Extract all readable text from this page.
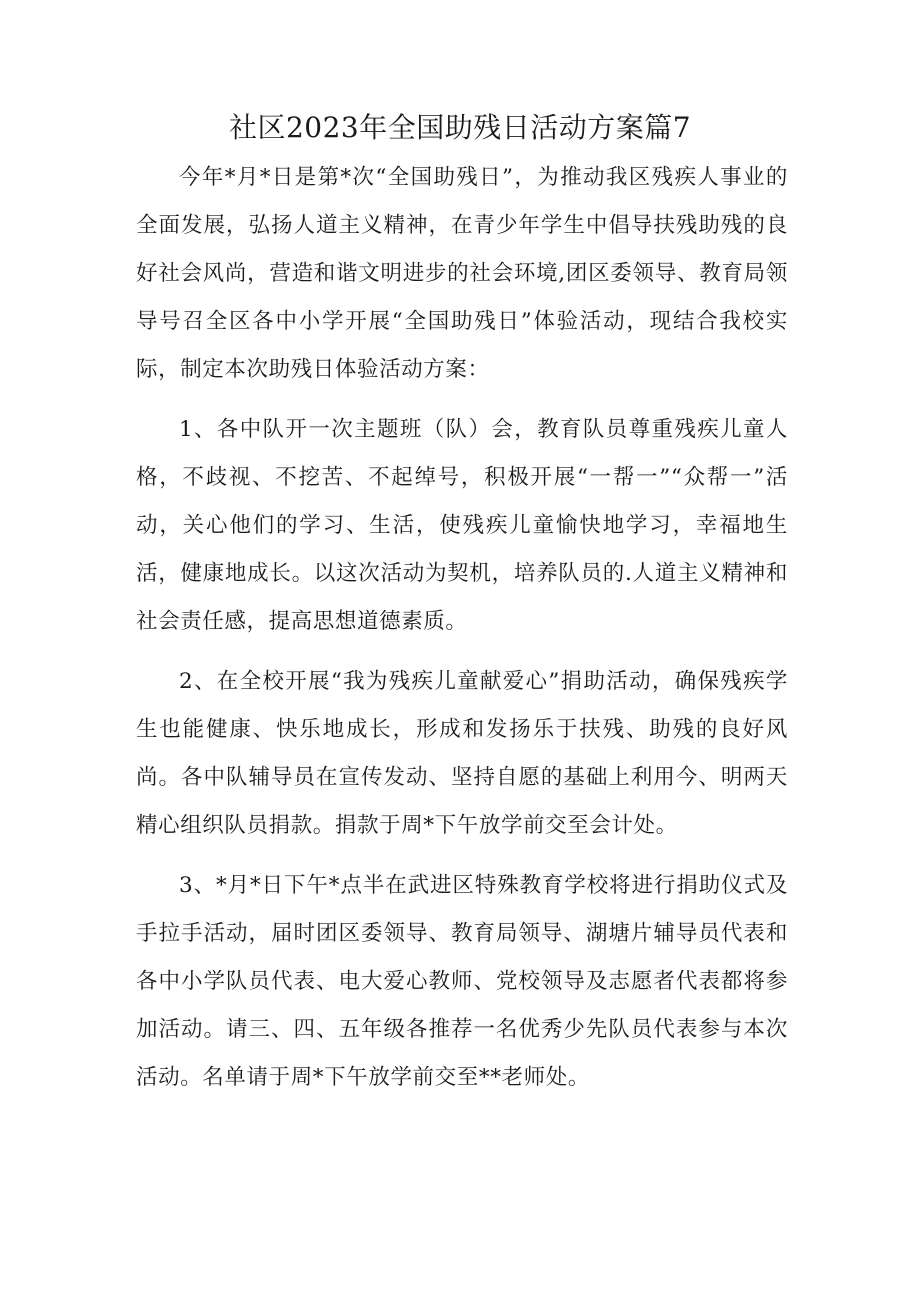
社区2023年全国助残日活动方案篇7

今年*月*日是第*次“全国助残日”，为推动我区残疾人事业的全面发展，弘扬人道主义精神，在青少年学生中倡导扶残助残的良好社会风尚，营造和谐文明进步的社会环境,团区委领导、教育局领导号召全区各中小学开展“全国助残日”体验活动，现结合我校实际，制定本次助残日体验活动方案：

1、各中队开一次主题班（队）会，教育队员尊重残疾儿童人格，不歧视、不挖苦、不起绰号，积极开展“一帮一”“众帮一”活动，关心他们的学习、生活，使残疾儿童愉快地学习，幸福地生活，健康地成长。以这次活动为契机，培养队员的.人道主义精神和社会责任感，提高思想道德素质。

2、在全校开展“我为残疾儿童献爱心”捐助活动，确保残疾学生也能健康、快乐地成长，形成和发扬乐于扶残、助残的良好风尚。各中队辅导员在宣传发动、坚持自愿的基础上利用今、明两天精心组织队员捐款。捐款于周*下午放学前交至会计处。

3、*月*日下午*点半在武进区特殊教育学校将进行捐助仪式及手拉手活动，届时团区委领导、教育局领导、湖塘片辅导员代表和各中小学队员代表、电大爱心教师、党校领导及志愿者代表都将参加活动。请三、四、五年级各推荐一名优秀少先队员代表参与本次活动。名单请于周*下午放学前交至**老师处。
